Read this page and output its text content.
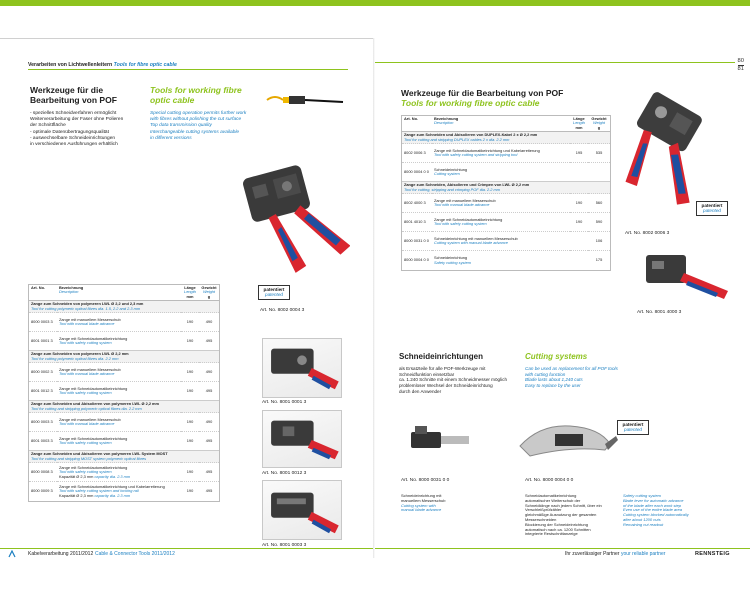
Verarbeiten von Lichtwellenleitern Tools for fibre optic cable
Werkzeuge für die Bearbeitung von POF
Tools for working fibre optic cable
- spezielles Schneidverfahren ermöglicht
Weiterverarbeitung der Faser ohne Polieren
der Schnittfläche
- optimale Datenübertragungsqualität
- auswechselbare Schneideinrichtungen
in verschiedenen Ausführungen erhältlich
Special cutting operation permits further work
with fibres without polishing the cut surface
Top data transmission quality
Interchangeable cutting systems available
in different versions
patentiert
patented
Art. No. 8002 0004 3
Art. No.	Bezeichnung
Description	Länge
Length
mm	Gewicht
Weight
g
Zange zum Schneiden von polymeren LWL Ø 2,2 und 2,3 mm
Tool for cutting polymeric optical fibres dia. 1.5, 2.2 and 2.3 mm			

8000 0003 3	Zange mit manuellem Messerschub
Tool with manual blade advance	190	490
8001 0001 3	Zange mit Schneidautomatikeinrichtung
Tool with safety cutting system	190	495
Zange zum Schneiden von polymeren LWL Ø 2,2 mm
Tool for cutting polymeric optical fibres dia. 2.2 mm			

8000 0002 3	Zange mit manuellem Messerschub
Tool with manual blade advance	190	490
8001 0012 3	Zange mit Schneidautomatikeinrichtung
Tool with safety cutting system	190	495
Zange zum Schneiden und Abisolieren von polymeren LWL Ø 2,2 mm
Tool for cutting and stripping polymeric optical fibres dia. 2.2 mm			

8000 0003 3	Zange mit manuellem Messerschub
Tool with manual blade advance	190	490
8001 0003 3	Zange mit Schneidautomatikeinrichtung
Tool with safety cutting system	190	495
Zange zum Schneiden und Abisolieren von polymeren LWL System MOST
Tool for cutting and stripping MOST system polymeric optical fibres			

8000 0008 3	Zange mit Schneidautomatikeinrichtung
Tool with safety cutting system
Kapazität Ø 2,3 mm capacity dia. 2.3 mm	190	495
8000 0009 3	Zange mit Schneidautomatikeinrichtung und Kabelarretierung
Tool with safety cutting system and locking rail
Kapazität Ø 2,3 mm capacity dia. 2.3 mm	190	495
Art. No. 8001 0001 3
Art. No. 8001 0012 3
Art. No. 8001 0003 3
Kabelverarbeitung 2011/2012 Cable & Connector Tools 2011/2012
80
81
Werkzeuge für die Bearbeitung von POF
Tools for working fibre optic cable
Art. No.	Bezeichnung
Description	Länge
Length
mm	Gewicht
Weight
g
Zange zum Schneiden und Abisolieren von DUPLEX-Kabel 2 x Ø 2,2 mm
Tool for cutting and stripping DUPLEX cables 2 x dia. 2.2 mm			

8002 0006 3	Zange mit Schneidautomatikeinrichtung und Kabelarretierung
Tool with safety cutting system and stripping tool	195	535
8000 0004 0 0	Schneideinrichtung
Cutting system		

Zange zum Schneiden, Abisolieren und Crimpen von LWL Ø 2,2 mm
Tool for cutting, stripping and crimping POF dia. 2.2 mm			

8002 4000 3	Zange mit manuellem Messerschub
Tool with manual blade advance	190	560
8001 4010 3	Zange mit Schneidautomatikeinrichtung
Tool with safety cutting system	190	590
8000 0031 0 0	Schneideinrichtung mit manuellem Messerschub
Cutting system with manual blade advance		106
8000 0004 0 0	Schneideinrichtung
Safety cutting system		175
patentiert
patented
Art. No. 8002 0006 3
Art. No. 8001 4000 3
Schneideinrichtungen	Cutting systems
als Ersatzteile für alle POF-Werkzeuge mit
Schneidfunktion einsetzbar
ca. 1.240 Schnitte mit einem Schneidmesser möglich
problemloser Wechsel der Schneideinrichtung
durch den Anwender
Can be used as replacement for all POF tools
with cutting function
Blade lasts about 1,240 cuts
Easy to replace by the user
patentiert
patented
Art. No. 8000 0031 0 0	Art. No. 8000 0004 0 0
Schneideinrichtung mit
manuellem Messerschub
Cutting system with
manual blade advance
Schneidautomatikeinrichtung
automatischer Weiterschub der
Schneidklinge nach jedem Schnitt, über ein
Verschleißprüfzähler
gleichmäßige Ausnutzung der gesamten
Messerschneiden
Blockierung der Schneideinrichtung
automatisch nach ca. 1200 Schnitten
integrierte Restschnittanzeige
Safety cutting system
Blade lever for automatic advance
of the blade after each work step
Even use of the entire blade area
Cutting system blocked automatically
after about 1200 cuts
Remaining cut readout
Ihr zuverlässiger Partner your reliable partner	RENNSTEIG
